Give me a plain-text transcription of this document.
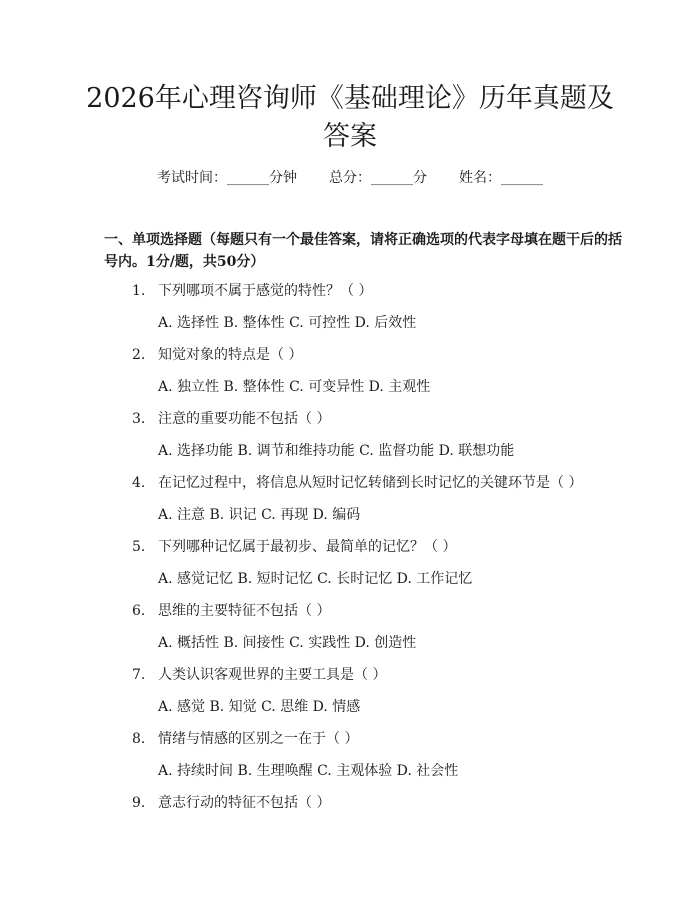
2026年心理咨询师《基础理论》历年真题及
答案
考试时间：______分钟 总分：______分 姓名：______

一、单项选择题（每题只有一个最佳答案，请将正确选项的代表字母填在题干后的括号内。1分/题，共50分）

1. 下列哪项不属于感觉的特性？（ ）
A. 选择性 B. 整体性 C. 可控性 D. 后效性
2. 知觉对象的特点是（ ）
A. 独立性 B. 整体性 C. 可变异性 D. 主观性
3. 注意的重要功能不包括（ ）
A. 选择功能 B. 调节和维持功能 C. 监督功能 D. 联想功能
4. 在记忆过程中，将信息从短时记忆转储到长时记忆的关键环节是（ ）
A. 注意 B. 识记 C. 再现 D. 编码
5. 下列哪种记忆属于最初步、最简单的记忆？（ ）
A. 感觉记忆 B. 短时记忆 C. 长时记忆 D. 工作记忆
6. 思维的主要特征不包括（ ）
A. 概括性 B. 间接性 C. 实践性 D. 创造性
7. 人类认识客观世界的主要工具是（ ）
A. 感觉 B. 知觉 C. 思维 D. 情感
8. 情绪与情感的区别之一在于（ ）
A. 持续时间 B. 生理唤醒 C. 主观体验 D. 社会性
9. 意志行动的特征不包括（ ）
